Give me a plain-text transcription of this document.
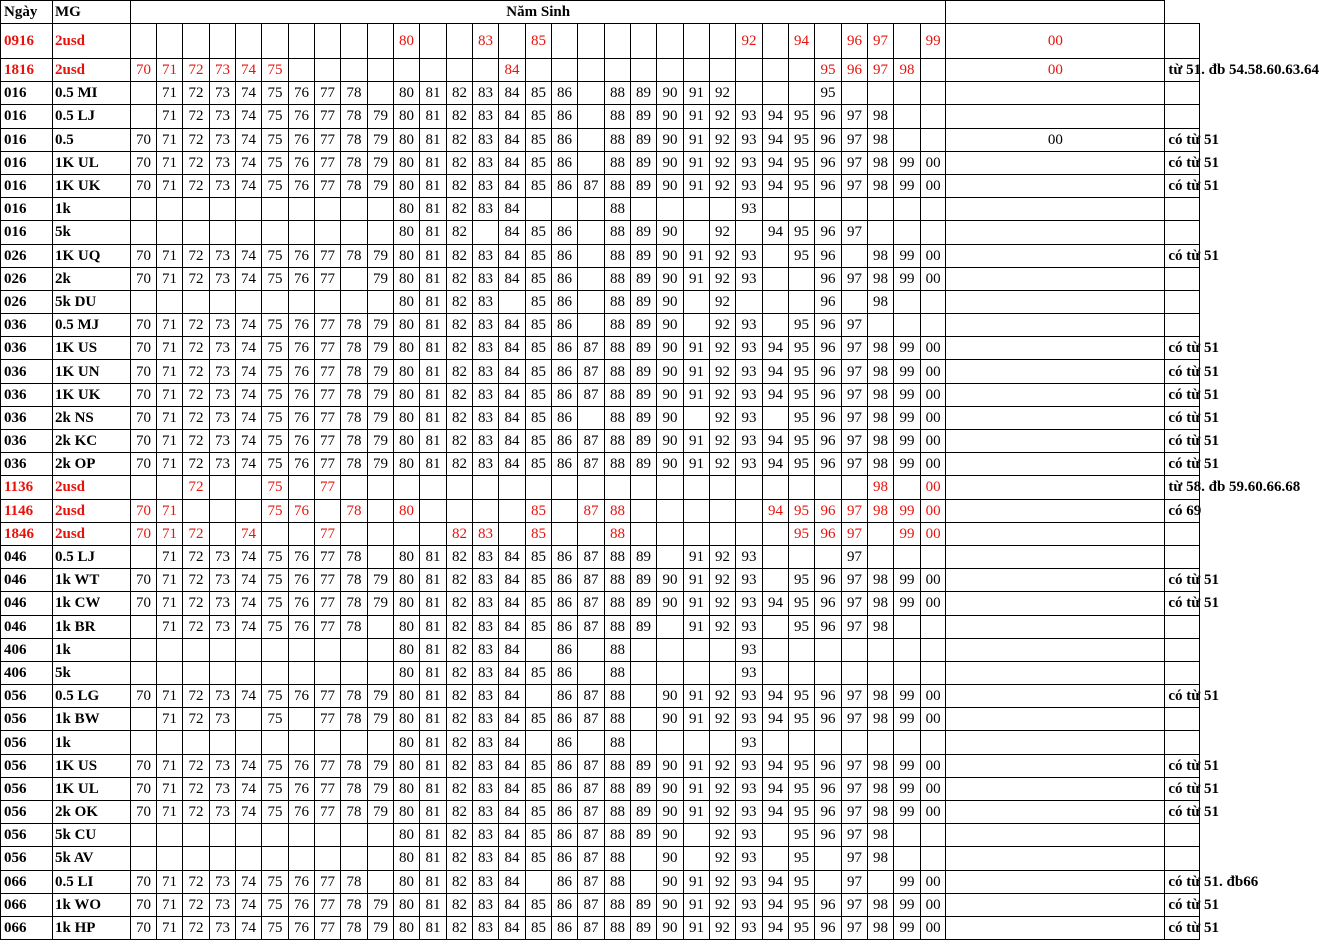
Ngày	MG	Năm Sinh																																
0916	2usd											80			83		85								92		94		96	97		99	00	
1816	2usd	70	71	72	73	74	75									84												95	96	97	98		00	từ 51. đb 54.58.60.63.64
016	0.5 MI		71	72	73	74	75	76	77	78		80	81	82	83	84	85	86		88	89	90	91	92				95						
016	0.5 LJ		71	72	73	74	75	76	77	78	79	80	81	82	83	84	85	86		88	89	90	91	92	93	94	95	96	97	98				
016	0.5	70	71	72	73	74	75	76	77	78	79	80	81	82	83	84	85	86		88	89	90	91	92	93	94	95	96	97	98			00	có từ 51
016	1K UL	70	71	72	73	74	75	76	77	78	79	80	81	82	83	84	85	86		88	89	90	91	92	93	94	95	96	97	98	99	00		có từ 51
016	1K UK	70	71	72	73	74	75	76	77	78	79	80	81	82	83	84	85	86	87	88	89	90	91	92	93	94	95	96	97	98	99	00		có từ 51
016	1k											80	81	82	83	84				88					93									
016	5k											80	81	82		84	85	86		88	89	90		92		94	95	96	97					
026	1K UQ	70	71	72	73	74	75	76	77	78	79	80	81	82	83	84	85	86		88	89	90	91	92	93		95	96		98	99	00		có từ 51
026	2k	70	71	72	73	74	75	76	77		79	80	81	82	83	84	85	86		88	89	90	91	92	93			96	97	98	99	00		
026	5k DU											80	81	82	83		85	86		88	89	90		92				96		98				
036	0.5 MJ	70	71	72	73	74	75	76	77	78	79	80	81	82	83	84	85	86		88	89	90		92	93		95	96	97					
036	1K US	70	71	72	73	74	75	76	77	78	79	80	81	82	83	84	85	86	87	88	89	90	91	92	93	94	95	96	97	98	99	00		có từ 51
036	1K UN	70	71	72	73	74	75	76	77	78	79	80	81	82	83	84	85	86	87	88	89	90	91	92	93	94	95	96	97	98	99	00		có từ 51
036	1K UK	70	71	72	73	74	75	76	77	78	79	80	81	82	83	84	85	86	87	88	89	90	91	92	93	94	95	96	97	98	99	00		có từ 51
036	2k NS	70	71	72	73	74	75	76	77	78	79	80	81	82	83	84	85	86		88	89	90		92	93		95	96	97	98	99	00		có từ 51
036	2k KC	70	71	72	73	74	75	76	77	78	79	80	81	82	83	84	85	86	87	88	89	90	91	92	93	94	95	96	97	98	99	00		có từ 51
036	2k OP	70	71	72	73	74	75	76	77	78	79	80	81	82	83	84	85	86	87	88	89	90	91	92	93	94	95	96	97	98	99	00		có từ 51
1136	2usd			72			75		77																					98		00		từ 58. đb 59.60.66.68
1146	2usd	70	71				75	76		78		80					85		87	88						94	95	96	97	98	99	00		có 69
1846	2usd	70	71	72		74			77					82	83		85			88							95	96	97		99	00		
046	0.5 LJ		71	72	73	74	75	76	77	78		80	81	82	83	84	85	86	87	88	89		91	92	93				97					
046	1k WT	70	71	72	73	74	75	76	77	78	79	80	81	82	83	84	85	86	87	88	89	90	91	92	93		95	96	97	98	99	00		có từ 51
046	1k CW	70	71	72	73	74	75	76	77	78	79	80	81	82	83	84	85	86	87	88	89	90	91	92	93	94	95	96	97	98	99	00		có từ 51
046	1k BR		71	72	73	74	75	76	77	78		80	81	82	83	84	85	86	87	88	89		91	92	93		95	96	97	98				
406	1k											80	81	82	83	84		86		88					93									
406	5k											80	81	82	83	84	85	86		88					93									
056	0.5 LG	70	71	72	73	74	75	76	77	78	79	80	81	82	83	84		86	87	88		90	91	92	93	94	95	96	97	98	99	00		có từ 51
056	1k BW		71	72	73		75		77	78	79	80	81	82	83	84	85	86	87	88		90	91	92	93	94	95	96	97	98	99	00		
056	1k											80	81	82	83	84		86		88					93									
056	1K US	70	71	72	73	74	75	76	77	78	79	80	81	82	83	84	85	86	87	88	89	90	91	92	93	94	95	96	97	98	99	00		có từ 51
056	1K UL	70	71	72	73	74	75	76	77	78	79	80	81	82	83	84	85	86	87	88	89	90	91	92	93	94	95	96	97	98	99	00		có từ 51
056	2k OK	70	71	72	73	74	75	76	77	78	79	80	81	82	83	84	85	86	87	88	89	90	91	92	93	94	95	96	97	98	99	00		có từ 51
056	5k CU											80	81	82	83	84	85	86	87	88	89	90		92	93		95	96	97	98				
056	5k AV											80	81	82	83	84	85	86	87	88		90		92	93		95		97	98				
066	0.5 LI	70	71	72	73	74	75	76	77	78		80	81	82	83	84		86	87	88		90	91	92	93	94	95		97		99	00		có từ 51. đb66
066	1k WO	70	71	72	73	74	75	76	77	78	79	80	81	82	83	84	85	86	87	88	89	90	91	92	93	94	95	96	97	98	99	00		có từ 51
066	1k HP	70	71	72	73	74	75	76	77	78	79	80	81	82	83	84	85	86	87	88	89	90	91	92	93	94	95	96	97	98	99	00		có từ 51
